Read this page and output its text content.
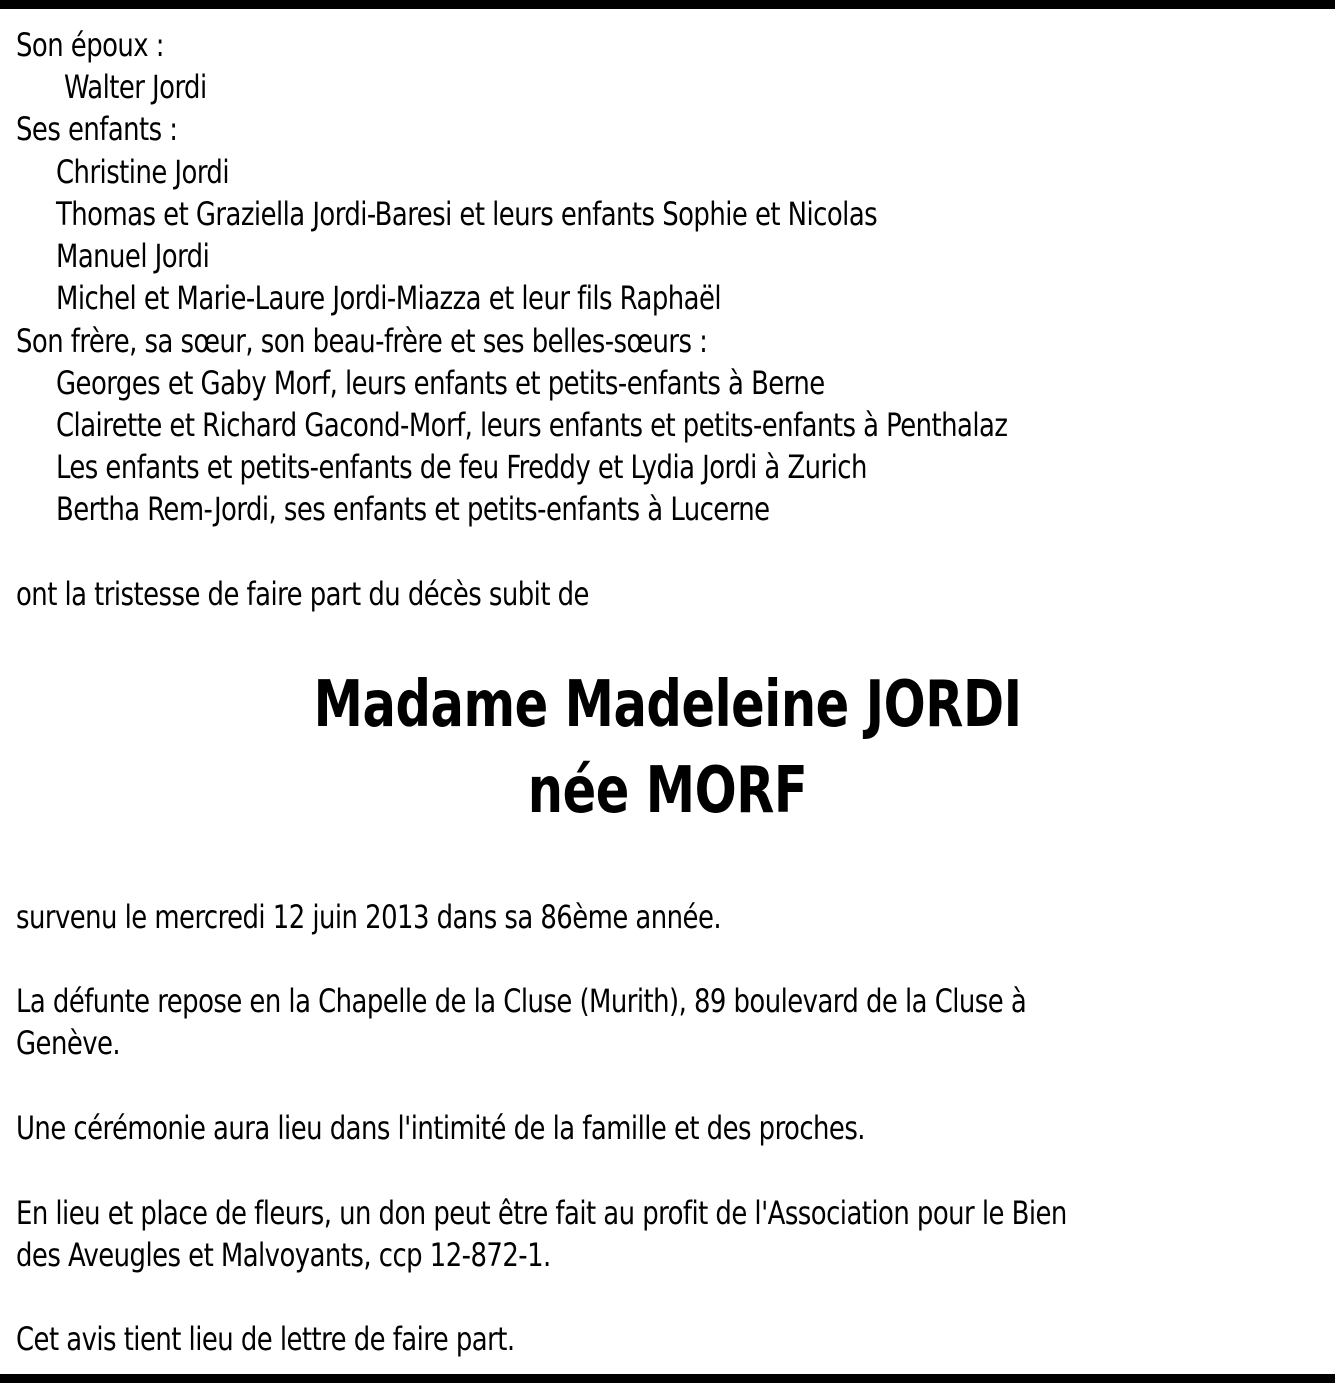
Son époux :
Walter Jordi
Ses enfants :
Christine Jordi
Thomas et Graziella Jordi-Baresi et leurs enfants Sophie et Nicolas
Manuel Jordi
Michel et Marie-Laure Jordi-Miazza et leur fils Raphaël
Son frère, sa sœur, son beau-frère et ses belles-sœurs :
Georges et Gaby Morf, leurs enfants et petits-enfants à Berne
Clairette et Richard Gacond-Morf, leurs enfants et petits-enfants à Penthalaz
Les enfants et petits-enfants de feu Freddy et Lydia Jordi à Zurich
Bertha Rem-Jordi, ses enfants et petits-enfants à Lucerne
ont la tristesse de faire part du décès subit de
Madame Madeleine JORDI
née MORF
survenu le mercredi 12 juin 2013 dans sa 86ème année.
La défunte repose en la Chapelle de la Cluse (Murith), 89 boulevard de la Cluse à
Genève.
Une cérémonie aura lieu dans l'intimité de la famille et des proches.
En lieu et place de fleurs, un don peut être fait au profit de l'Association pour le Bien
des Aveugles et Malvoyants, ccp 12-872-1.
Cet avis tient lieu de lettre de faire part.
